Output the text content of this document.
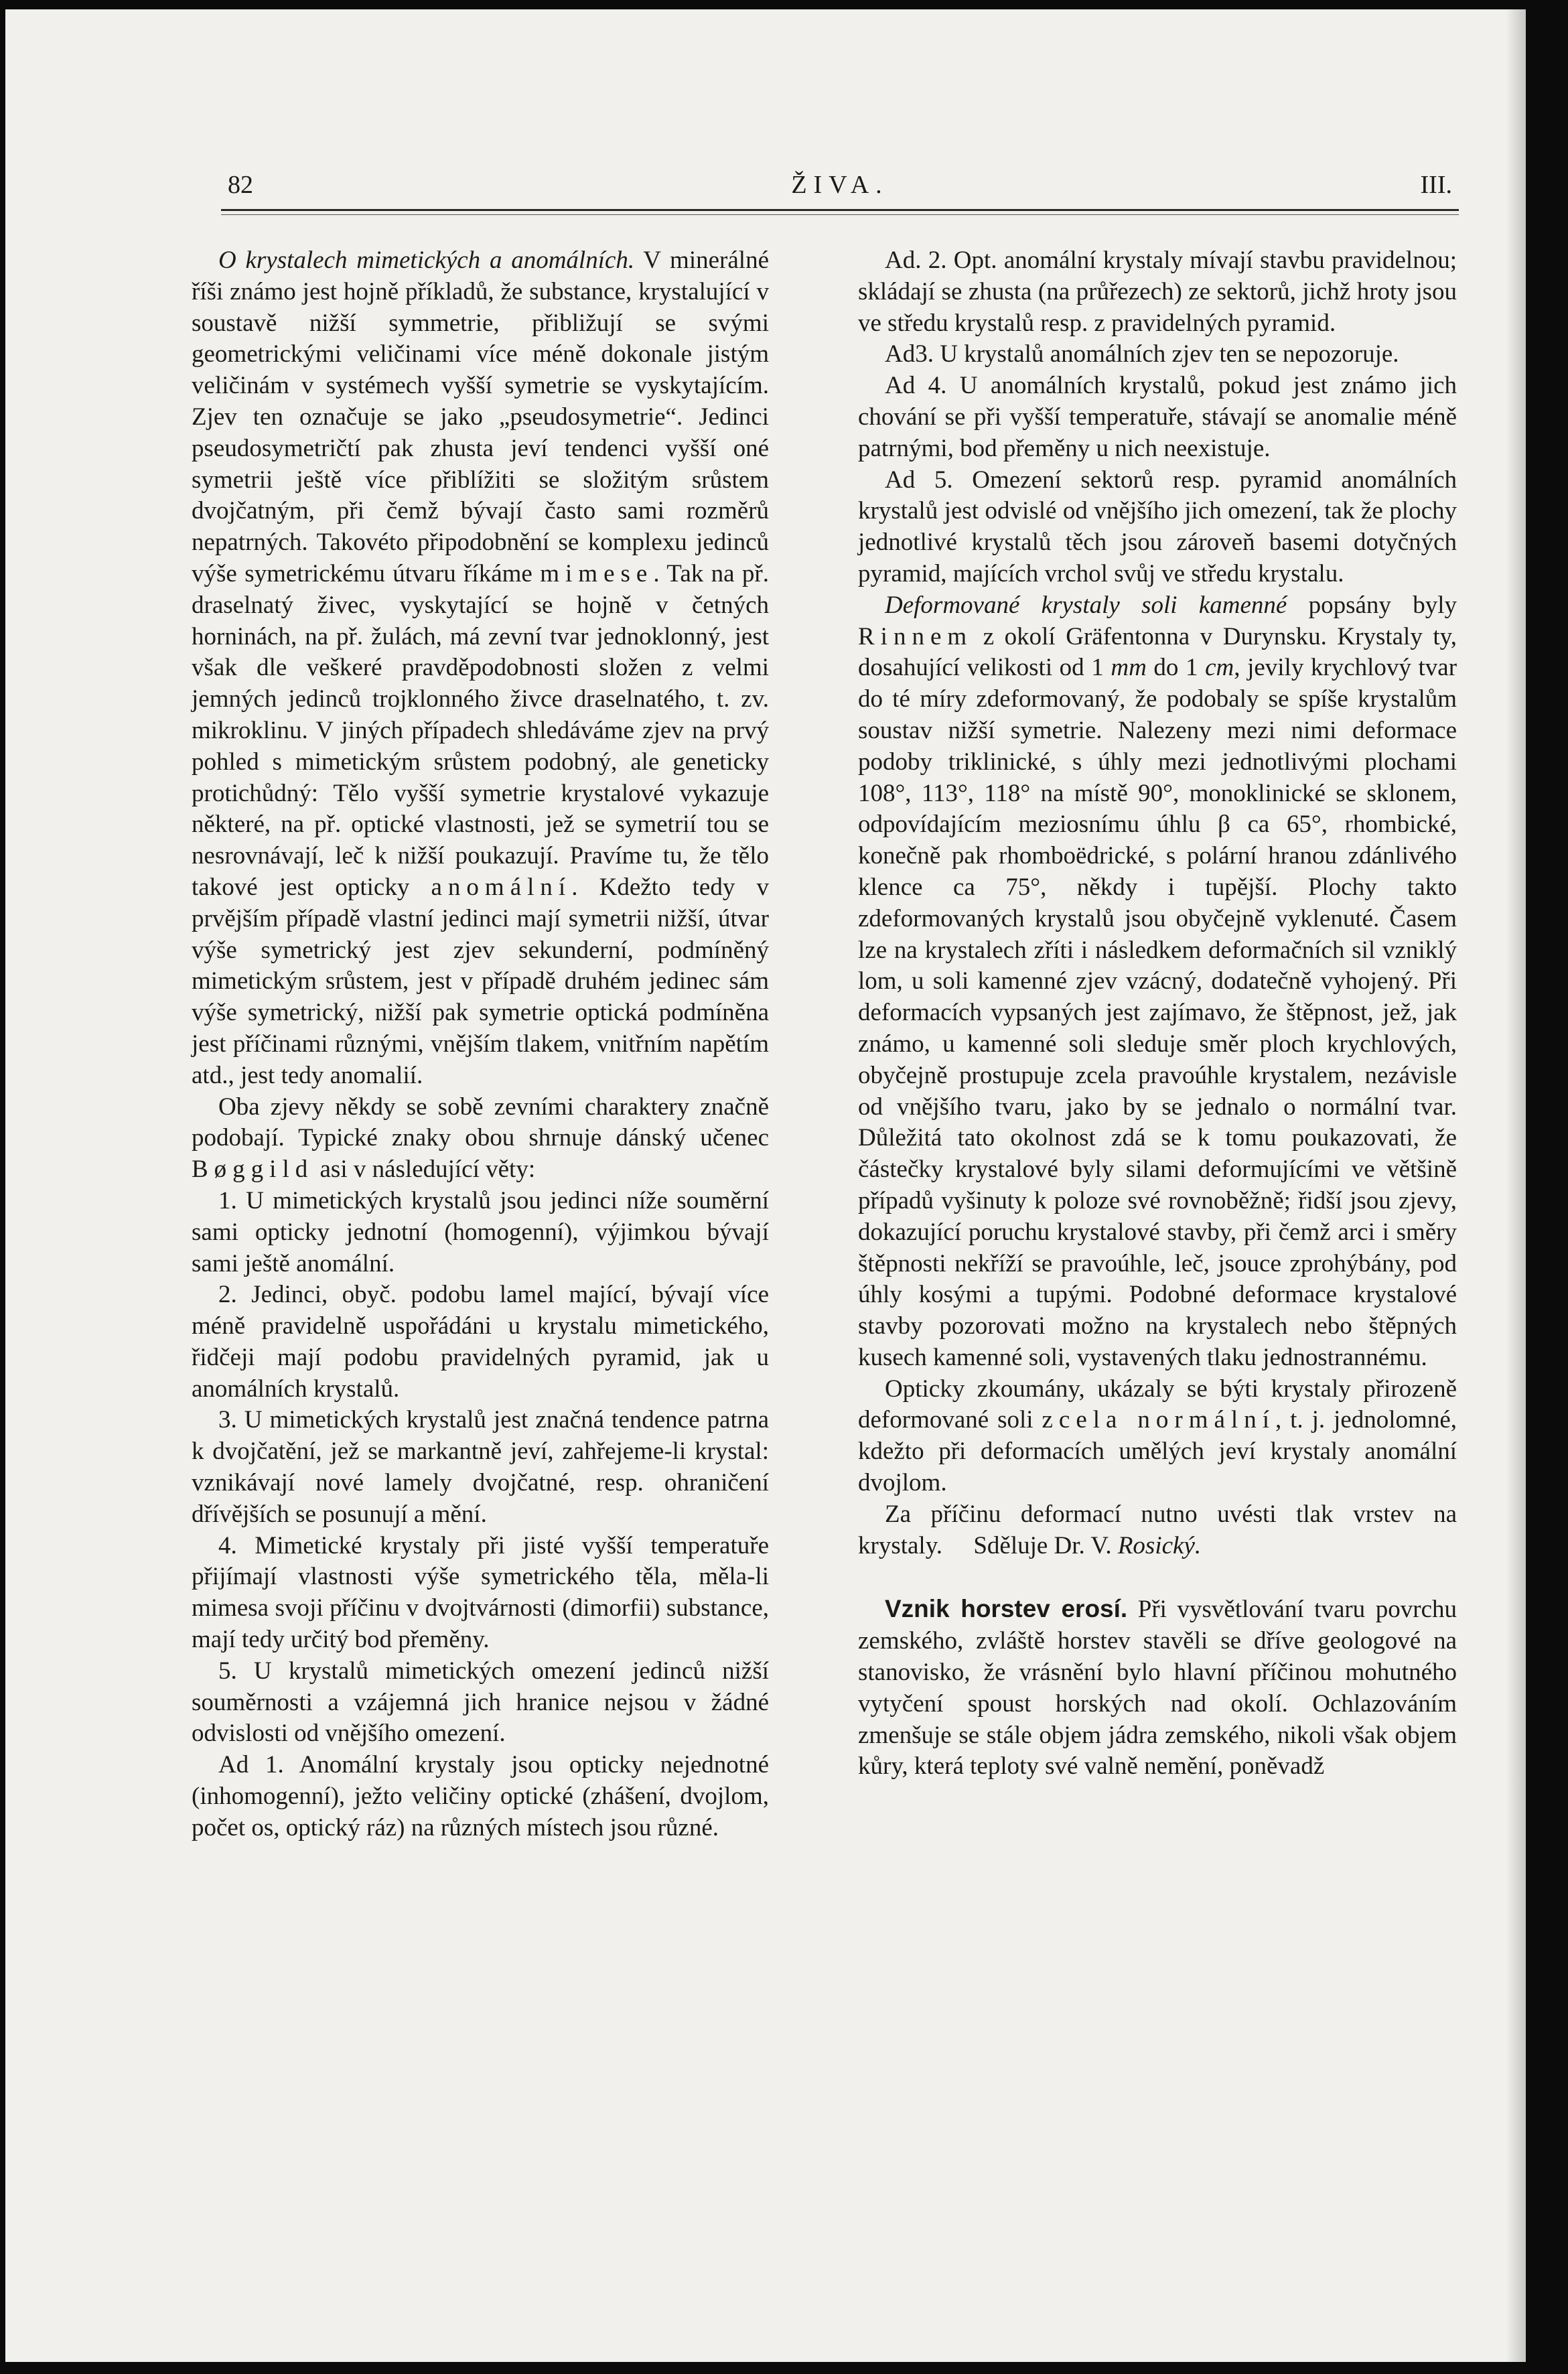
82	ŽIVA.	III.

O krystalech mimetických a anomálních. V minerálné říši známo jest hojně příkladů, že substance, krystalující v soustavě nižší symmetrie, přibližují se svými geometrickými veličinami více méně dokonale jistým veličinám v systémech vyšší symetrie se vyskytajícím. Zjev ten označuje se jako „pseudosymetrie“. Jedinci pseudosymetričtí pak zhusta jeví tendenci vyšší oné symetrii ještě více přiblížiti se složitým srůstem dvojčatným, při čemž bývají často sami rozměrů nepatrných. Takovéto připodobnění se komplexu jedinců výše symetrickému útvaru říkáme mimese. Tak na př. draselnatý živec, vyskytající se hojně v četných horninách, na př. žulách, má zevní tvar jednoklonný, jest však dle veškeré pravděpodobnosti složen z velmi jemných jedinců trojklonného živce draselnatého, t. zv. mikroklinu. V jiných případech shledáváme zjev na prvý pohled s mimetickým srůstem podobný, ale geneticky protichůdný: Tělo vyšší symetrie krystalové vykazuje některé, na př. optické vlastnosti, jež se symetrií tou se nesrovnávají, leč k nižší poukazují. Pravíme tu, že tělo takové jest opticky anomální. Kdežto tedy v prvějším případě vlastní jedinci mají symetrii nižší, útvar výše symetrický jest zjev sekunderní, podmíněný mimetickým srůstem, jest v případě druhém jedinec sám výše symetrický, nižší pak symetrie optická podmíněna jest příčinami různými, vnějším tlakem, vnitřním napětím atd., jest tedy anomalií.

Oba zjevy někdy se sobě zevními charaktery značně podobají. Typické znaky obou shrnuje dánský učenec Bøggild asi v následující věty:

1. U mimetických krystalů jsou jedinci níže souměrní sami opticky jednotní (homogenní), výjimkou bývají sami ještě anomální.

2. Jedinci, obyč. podobu lamel mající, bývají více méně pravidelně uspořádáni u krystalu mimetického, řidčeji mají podobu pravidelných pyramid, jak u anomálních krystalů.

3. U mimetických krystalů jest značná tendence patrna k dvojčatění, jež se markantně jeví, zahřejeme-li krystal: vznikávají nové lamely dvojčatné, resp. ohraničení dřívějších se posunují a mění.

4. Mimetické krystaly při jisté vyšší temperatuře přijímají vlastnosti výše symetrického těla, měla-li mimesa svoji příčinu v dvojtvárnosti (dimorfii) substance, mají tedy určitý bod přeměny.

5. U krystalů mimetických omezení jedinců nižší souměrnosti a vzájemná jich hranice nejsou v žádné odvislosti od vnějšího omezení.

Ad 1. Anomální krystaly jsou opticky nejednotné (inhomogenní), ježto veličiny optické (zhášení, dvojlom, počet os, optický ráz) na různých místech jsou různé.

Ad. 2. Opt. anomální krystaly mívají stavbu pravidelnou; skládají se zhusta (na průřezech) ze sektorů, jichž hroty jsou ve středu krystalů resp. z pravidelných pyramid.

Ad3. U krystalů anomálních zjev ten se nepozoruje.

Ad 4. U anomálních krystalů, pokud jest známo jich chování se při vyšší temperatuře, stávají se anomalie méně patrnými, bod přeměny u nich neexistuje.

Ad 5. Omezení sektorů resp. pyramid anomálních krystalů jest odvislé od vnějšího jich omezení, tak že plochy jednotlivé krystalů těch jsou zároveň basemi dotyčných pyramid, majících vrchol svůj ve středu krystalu.

Deformované krystaly soli kamenné popsány byly Rinnem z okolí Gräfentonna v Durynsku. Krystaly ty, dosahující velikosti od 1 mm do 1 cm, jevily krychlový tvar do té míry zdeformovaný, že podobaly se spíše krystalům soustav nižší symetrie. Nalezeny mezi nimi deformace podoby triklinické, s úhly mezi jednotlivými plochami 108°, 113°, 118° na místě 90°, monoklinické se sklonem, odpovídajícím meziosnímu úhlu β ca 65°, rhombické, konečně pak rhomboëdrické, s polární hranou zdánlivého klence ca 75°, někdy i tupější. Plochy takto zdeformovaných krystalů jsou obyčejně vyklenuté. Časem lze na krystalech zříti i následkem deformačních sil vzniklý lom, u soli kamenné zjev vzácný, dodatečně vyhojený. Při deformacích vypsaných jest zajímavo, že štěpnost, jež, jak známo, u kamenné soli sleduje směr ploch krychlových, obyčejně prostupuje zcela pravoúhle krystalem, nezávisle od vnějšího tvaru, jako by se jednalo o normální tvar. Důležitá tato okolnost zdá se k tomu poukazovati, že částečky krystalové byly silami deformujícími ve většině případů vyšinuty k poloze své rovnoběžně; řidší jsou zjevy, dokazující poruchu krystalové stavby, při čemž arci i směry štěpnosti nekříží se pravoúhle, leč, jsouce zprohýbány, pod úhly kosými a tupými. Podobné deformace krystalové stavby pozorovati možno na krystalech nebo štěpných kusech kamenné soli, vystavených tlaku jednostrannému.

Opticky zkoumány, ukázaly se býti krystaly přirozeně deformované soli zcela normální, t. j. jednolomné, kdežto při deformacích umělých jeví krystaly anomální dvojlom.

Za příčinu deformací nutno uvésti tlak vrstev na krystaly. Sděluje Dr. V. Rosický.

Vznik horstev erosí. Při vysvětlování tvaru povrchu zemského, zvláště horstev stavěli se dříve geologové na stanovisko, že vrásnění bylo hlavní příčinou mohutného vytyčení spoust horských nad okolí. Ochlazováním zmenšuje se stále objem jádra zemského, nikoli však objem kůry, která teploty své valně nemění, poněvadž
